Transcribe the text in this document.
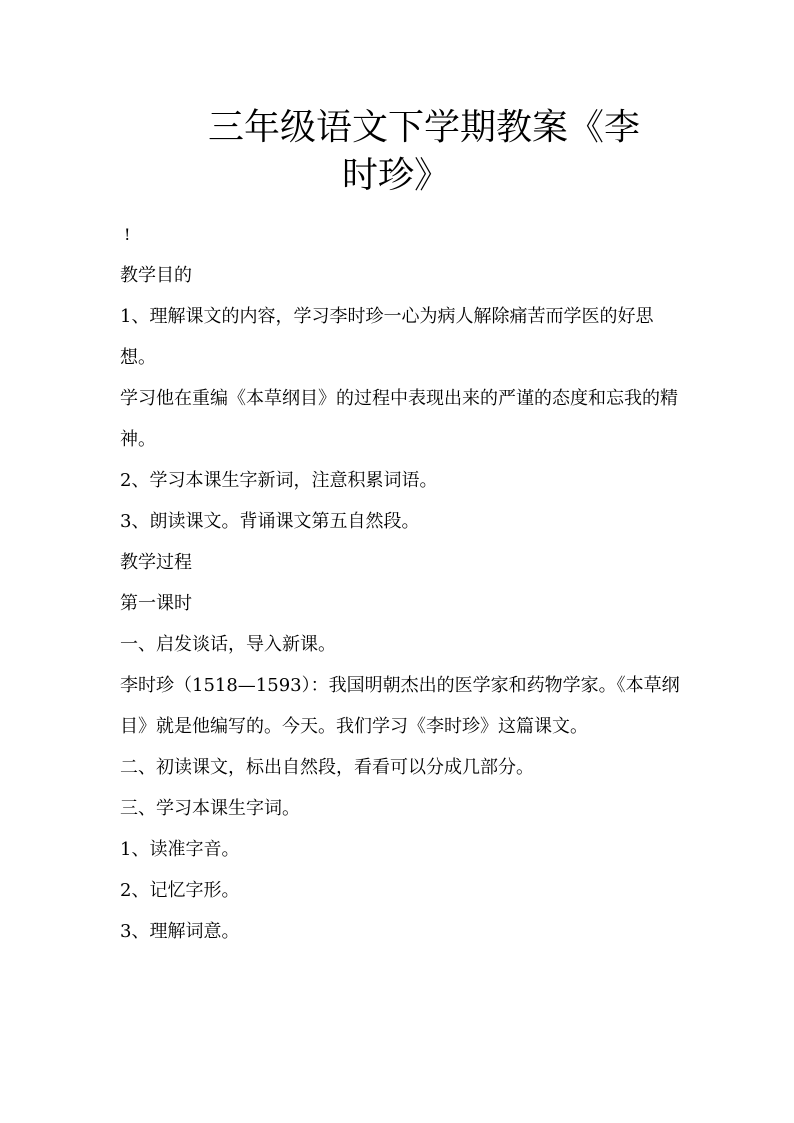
三年级语文下学期教案《李
时珍》
!

教学目的

1、理解课文的内容，学习李时珍一心为病人解除痛苦而学医的好思想。

学习他在重编《本草纲目》的过程中表现出来的严谨的态度和忘我的精神。

2、学习本课生字新词，注意积累词语。

3、朗读课文。背诵课文第五自然段。

教学过程

第一课时

一、启发谈话，导入新课。

李时珍（1518—1593）：我国明朝杰出的医学家和药物学家。《本草纲目》就是他编写的。今天。我们学习《李时珍》这篇课文。

二、初读课文，标出自然段，看看可以分成几部分。

三、学习本课生字词。

1、读准字音。

2、记忆字形。

3、理解词意。
